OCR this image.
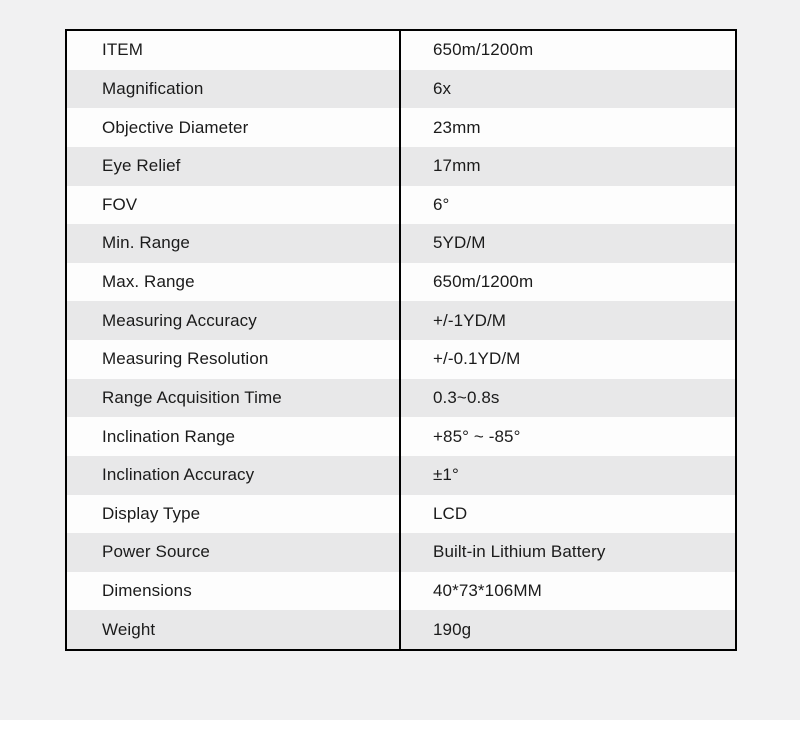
ITEM	650m/1200m
Magnification	6x
Objective Diameter	23mm
Eye Relief	17mm
FOV	6°
Min. Range	5YD/M
Max. Range	650m/1200m
Measuring Accuracy	+/-1YD/M
Measuring Resolution	+/-0.1YD/M
Range Acquisition Time	0.3~0.8s
Inclination Range	+85° ~ -85°
Inclination Accuracy	±1°
Display Type	LCD
Power Source	Built-in Lithium Battery
Dimensions	40*73*106MM
Weight	190g
